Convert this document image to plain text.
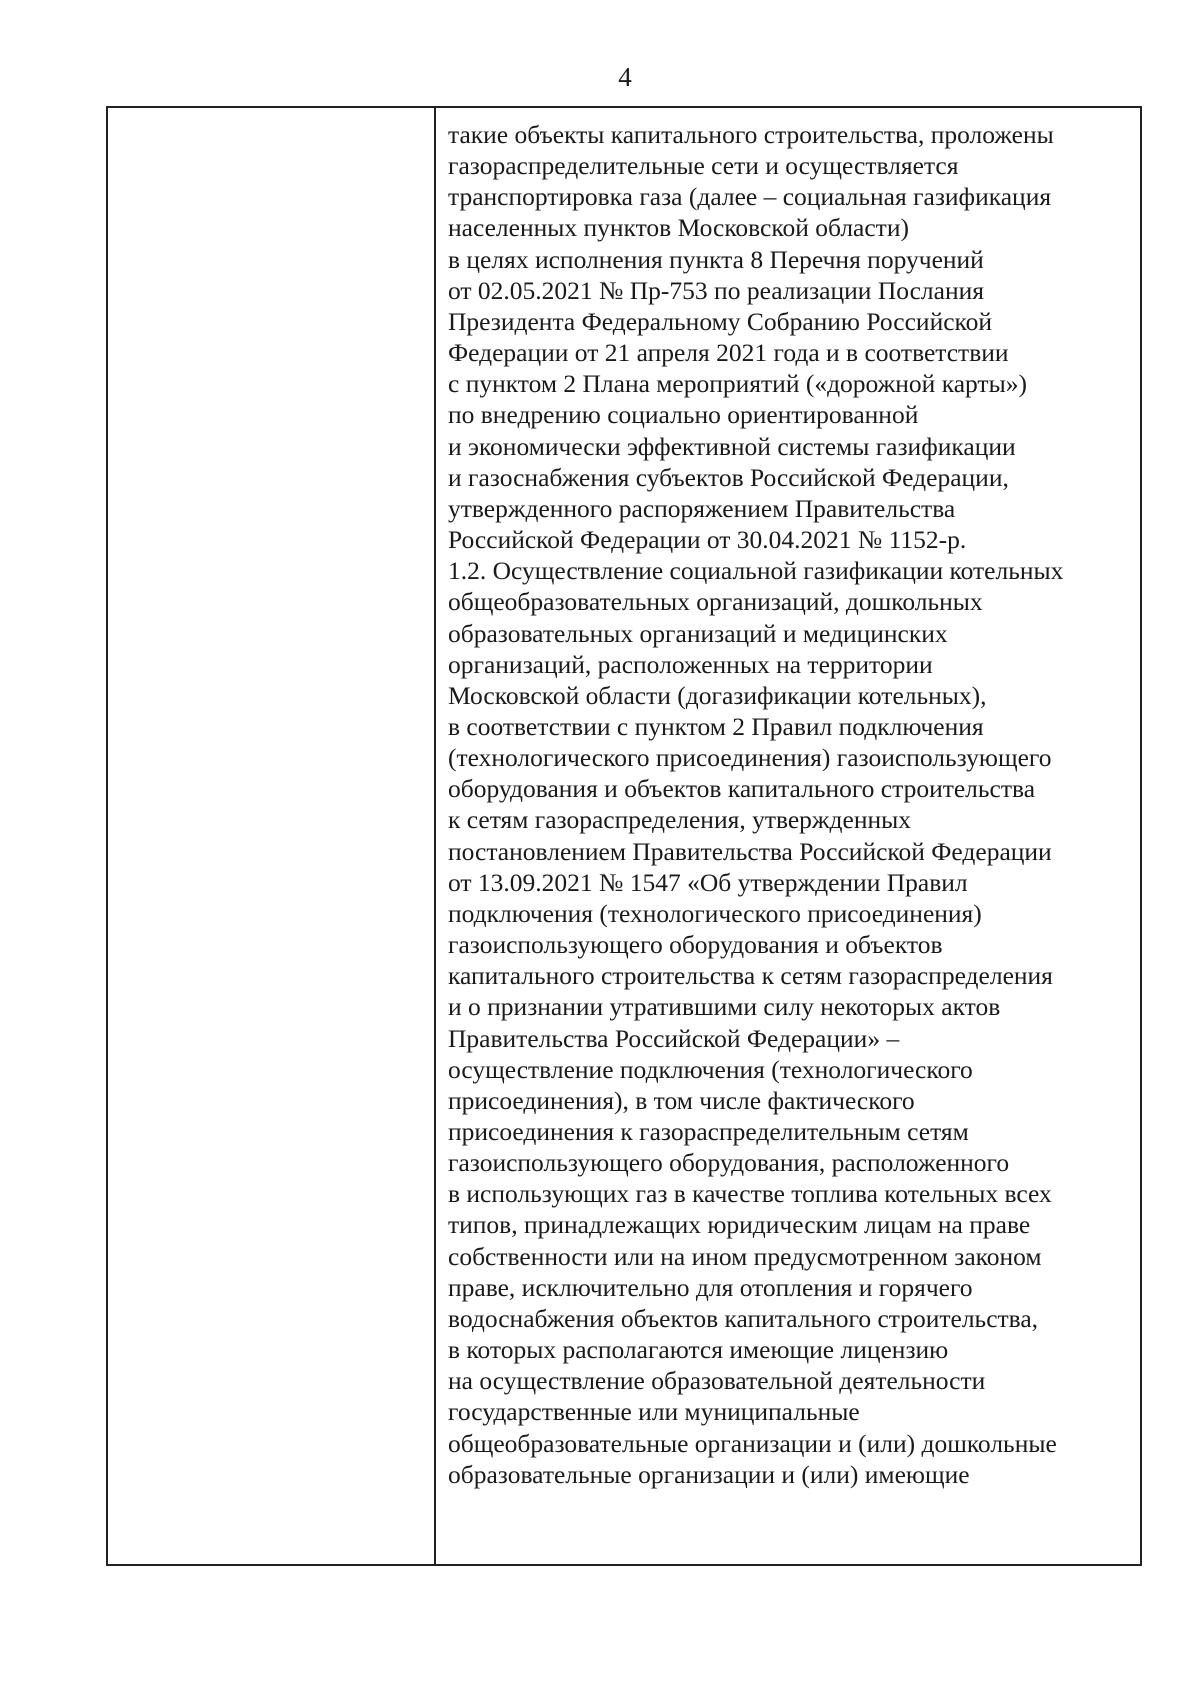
4
такие объекты капитального строительства, проложены
газораспределительные сети и осуществляется
транспортировка газа (далее – социальная газификация
населенных пунктов Московской области)
в целях исполнения пункта 8 Перечня поручений
от 02.05.2021 № Пр-753 по реализации Послания
Президента Федеральному Собранию Российской
Федерации от 21 апреля 2021 года и в соответствии
с пунктом 2 Плана мероприятий («дорожной карты»)
по внедрению социально ориентированной
и экономически эффективной системы газификации
и газоснабжения субъектов Российской Федерации,
утвержденного распоряжением Правительства
Российской Федерации от 30.04.2021 № 1152-р.
1.2. Осуществление социальной газификации котельных
общеобразовательных организаций, дошкольных
образовательных организаций и медицинских
организаций, расположенных на территории
Московской области (догазификации котельных),
в соответствии с пунктом 2 Правил подключения
(технологического присоединения) газоиспользующего
оборудования и объектов капитального строительства
к сетям газораспределения, утвержденных
постановлением Правительства Российской Федерации
от 13.09.2021 № 1547 «Об утверждении Правил
подключения (технологического присоединения)
газоиспользующего оборудования и объектов
капитального строительства к сетям газораспределения
и о признании утратившими силу некоторых актов
Правительства Российской Федерации» –
осуществление подключения (технологического
присоединения), в том числе фактического
присоединения к газораспределительным сетям
газоиспользующего оборудования, расположенного
в использующих газ в качестве топлива котельных всех
типов, принадлежащих юридическим лицам на праве
собственности или на ином предусмотренном законом
праве, исключительно для отопления и горячего
водоснабжения объектов капитального строительства,
в которых располагаются имеющие лицензию
на осуществление образовательной деятельности
государственные или муниципальные
общеобразовательные организации и (или) дошкольные
образовательные организации и (или) имеющие
